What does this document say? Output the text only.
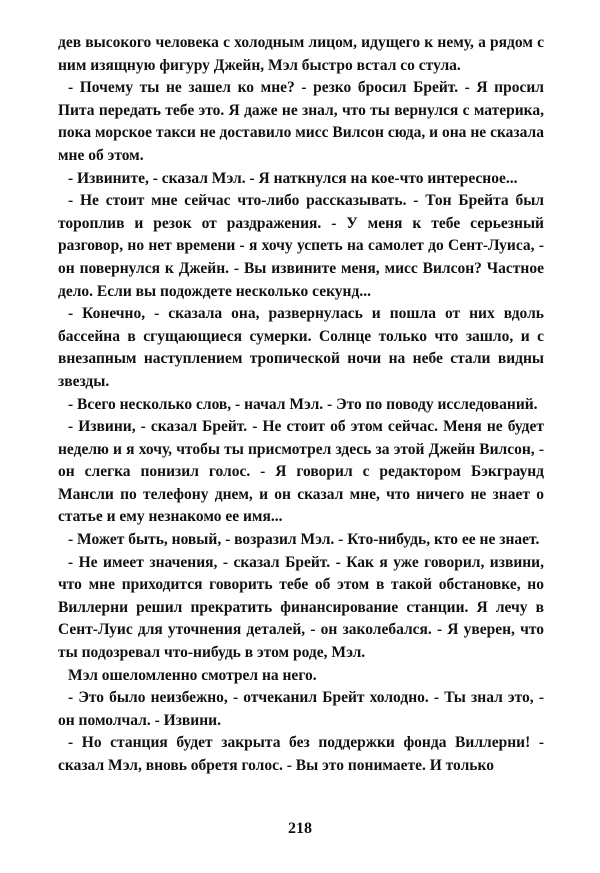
дев высокого человека с холодным лицом, идущего к нему, а рядом с ним изящную фигуру Джейн, Мэл быстро встал со стула.

- Почему ты не зашел ко мне? - резко бросил Брейт. - Я просил Пита передать тебе это. Я даже не знал, что ты вернулся с материка, пока морское такси не доставило мисс Вилсон сюда, и она не сказала мне об этом.

- Извините, - сказал Мэл. - Я наткнулся на кое-что интересное...

- Не стоит мне сейчас что-либо рассказывать. - Тон Брейта был тороплив и резок от раздражения. - У меня к тебе серьезный разговор, но нет времени - я хочу успеть на самолет до Сент-Луиса, - он повернулся к Джейн. - Вы извините меня, мисс Вилсон? Частное дело. Если вы подождете несколько секунд...

- Конечно, - сказала она, развернулась и пошла от них вдоль бассейна в сгущающиеся сумерки. Солнце только что зашло, и с внезапным наступлением тропической ночи на небе стали видны звезды.

- Всего несколько слов, - начал Мэл. - Это по поводу исследований.

- Извини, - сказал Брейт. - Не стоит об этом сейчас. Меня не будет неделю и я хочу, чтобы ты присмотрел здесь за этой Джейн Вилсон, - он слегка понизил голос. - Я говорил с редактором Бэкграунд Мансли по телефону днем, и он сказал мне, что ничего не знает о статье и ему незнакомо ее имя...

- Может быть, новый, - возразил Мэл. - Кто-нибудь, кто ее не знает.

- Не имеет значения, - сказал Брейт. - Как я уже говорил, извини, что мне приходится говорить тебе об этом в такой обстановке, но Виллерни решил прекратить финансирование станции. Я лечу в Сент-Луис для уточнения деталей, - он заколебался. - Я уверен, что ты подозревал что-нибудь в этом роде, Мэл.

Мэл ошеломленно смотрел на него.

- Это было неизбежно, - отчеканил Брейт холодно. - Ты знал это, - он помолчал. - Извини.

- Но станция будет закрыта без поддержки фонда Виллерни! - сказал Мэл, вновь обретя голос. - Вы это понимаете. И только

218
